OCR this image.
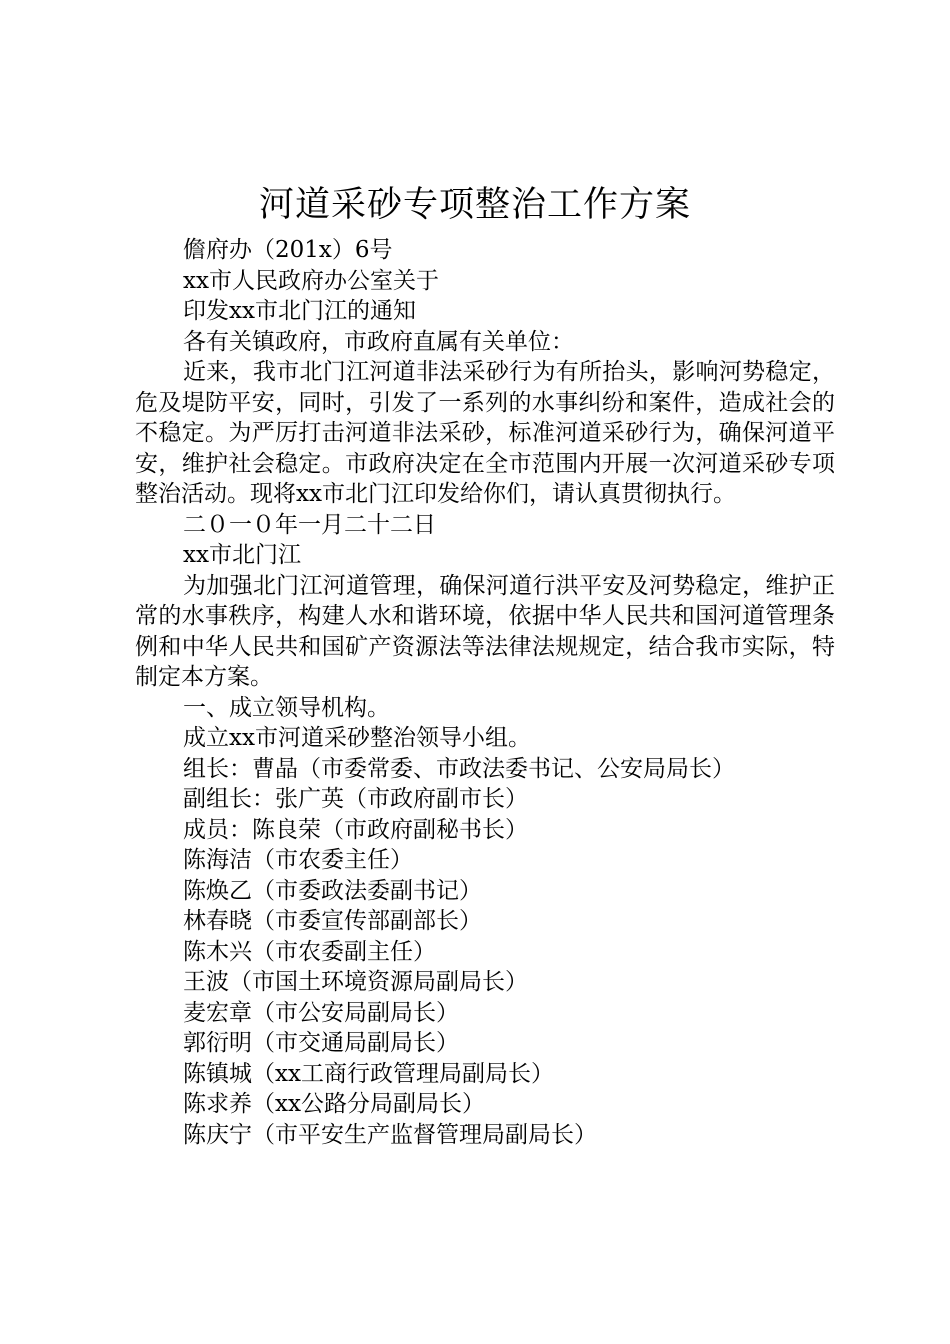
河道采砂专项整治工作方案

儋府办（201x）6号

xx市人民政府办公室关于

印发xx市北门江的通知

各有关镇政府，市政府直属有关单位：

近来，我市北门江河道非法采砂行为有所抬头，影响河势稳定，危及堤防平安，同时，引发了一系列的水事纠纷和案件，造成社会的不稳定。为严厉打击河道非法采砂，标准河道采砂行为，确保河道平安，维护社会稳定。市政府决定在全市范围内开展一次河道采砂专项整治活动。现将xx市北门江印发给你们，请认真贯彻执行。

二０一０年一月二十二日

xx市北门江

为加强北门江河道管理，确保河道行洪平安及河势稳定，维护正常的水事秩序，构建人水和谐环境，依据中华人民共和国河道管理条例和中华人民共和国矿产资源法等法律法规规定，结合我市实际，特制定本方案。

一、成立领导机构。

成立xx市河道采砂整治领导小组。

组长：曹晶（市委常委、市政法委书记、公安局局长）

副组长：张广英（市政府副市长）

成员：陈良荣（市政府副秘书长）

陈海洁（市农委主任）

陈焕乙（市委政法委副书记）

林春晓（市委宣传部副部长）

陈木兴（市农委副主任）

王波（市国土环境资源局副局长）

麦宏章（市公安局副局长）

郭衍明（市交通局副局长）

陈镇城（xx工商行政管理局副局长）

陈求养（xx公路分局副局长）

陈庆宁（市平安生产监督管理局副局长）
